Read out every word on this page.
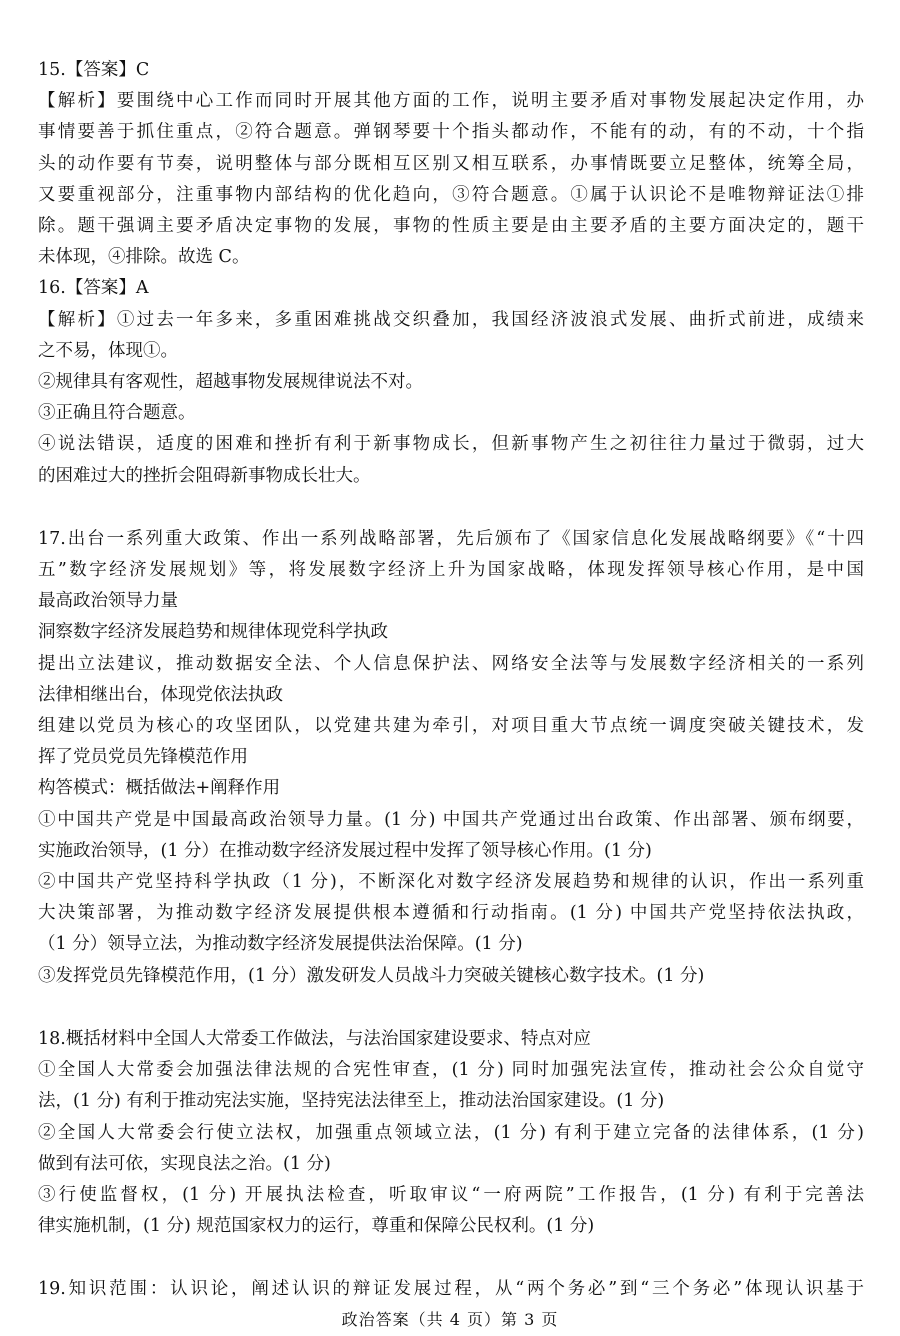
15.【答案】C
【解析】要围绕中心工作而同时开展其他方面的工作，说明主要矛盾对事物发展起决定作用，办
事情要善于抓住重点，②符合题意。弹钢琴要十个指头都动作，不能有的动，有的不动，十个指
头的动作要有节奏，说明整体与部分既相互区别又相互联系，办事情既要立足整体，统筹全局，
又要重视部分，注重事物内部结构的优化趋向，③符合题意。①属于认识论不是唯物辩证法①排
除。题干强调主要矛盾决定事物的发展，事物的性质主要是由主要矛盾的主要方面决定的，题干
未体现，④排除。故选 C。
16.【答案】A
【解析】①过去一年多来，多重困难挑战交织叠加，我国经济波浪式发展、曲折式前进，成绩来
之不易，体现①。
②规律具有客观性，超越事物发展规律说法不对。
③正确且符合题意。
④说法错误，适度的困难和挫折有利于新事物成长，但新事物产生之初往往力量过于微弱，过大
的困难过大的挫折会阻碍新事物成长壮大。
17.出台一系列重大政策、作出一系列战略部署，先后颁布了《国家信息化发展战略纲要》《“十四
五”数字经济发展规划》等，将发展数字经济上升为国家战略，体现发挥领导核心作用，是中国
最高政治领导力量
洞察数字经济发展趋势和规律体现党科学执政
提出立法建议，推动数据安全法、个人信息保护法、网络安全法等与发展数字经济相关的一系列
法律相继出台，体现党依法执政
组建以党员为核心的攻坚团队，以党建共建为牵引，对项目重大节点统一调度突破关键技术，发
挥了党员党员先锋模范作用
构答模式：概括做法+阐释作用
①中国共产党是中国最高政治领导力量。(1 分) 中国共产党通过出台政策、作出部署、颁布纲要，
实施政治领导，(1 分）在推动数字经济发展过程中发挥了领导核心作用。(1 分)
②中国共产党坚持科学执政（1 分)，不断深化对数字经济发展趋势和规律的认识，作出一系列重
大决策部署，为推动数字经济发展提供根本遵循和行动指南。(1 分) 中国共产党坚持依法执政，
（1 分）领导立法，为推动数字经济发展提供法治保障。(1 分)
③发挥党员先锋模范作用，(1 分）激发研发人员战斗力突破关键核心数字技术。(1 分)
18.概括材料中全国人大常委工作做法，与法治国家建设要求、特点对应
①全国人大常委会加强法律法规的合宪性审查，(1 分) 同时加强宪法宣传，推动社会公众自觉守
法，(1 分) 有利于推动宪法实施，坚持宪法法律至上，推动法治国家建设。(1 分)
②全国人大常委会行使立法权，加强重点领域立法，(1 分) 有利于建立完备的法律体系，(1 分)
做到有法可依，实现良法之治。(1 分)
③行使监督权，(1 分) 开展执法检查，听取审议“一府两院”工作报告，(1 分) 有利于完善法
律实施机制，(1 分) 规范国家权力的运行，尊重和保障公民权利。(1 分)
19.知识范围：认识论，阐述认识的辩证发展过程，从“两个务必”到“三个务必”体现认识基于
政治答案（共 4 页）第 3 页
